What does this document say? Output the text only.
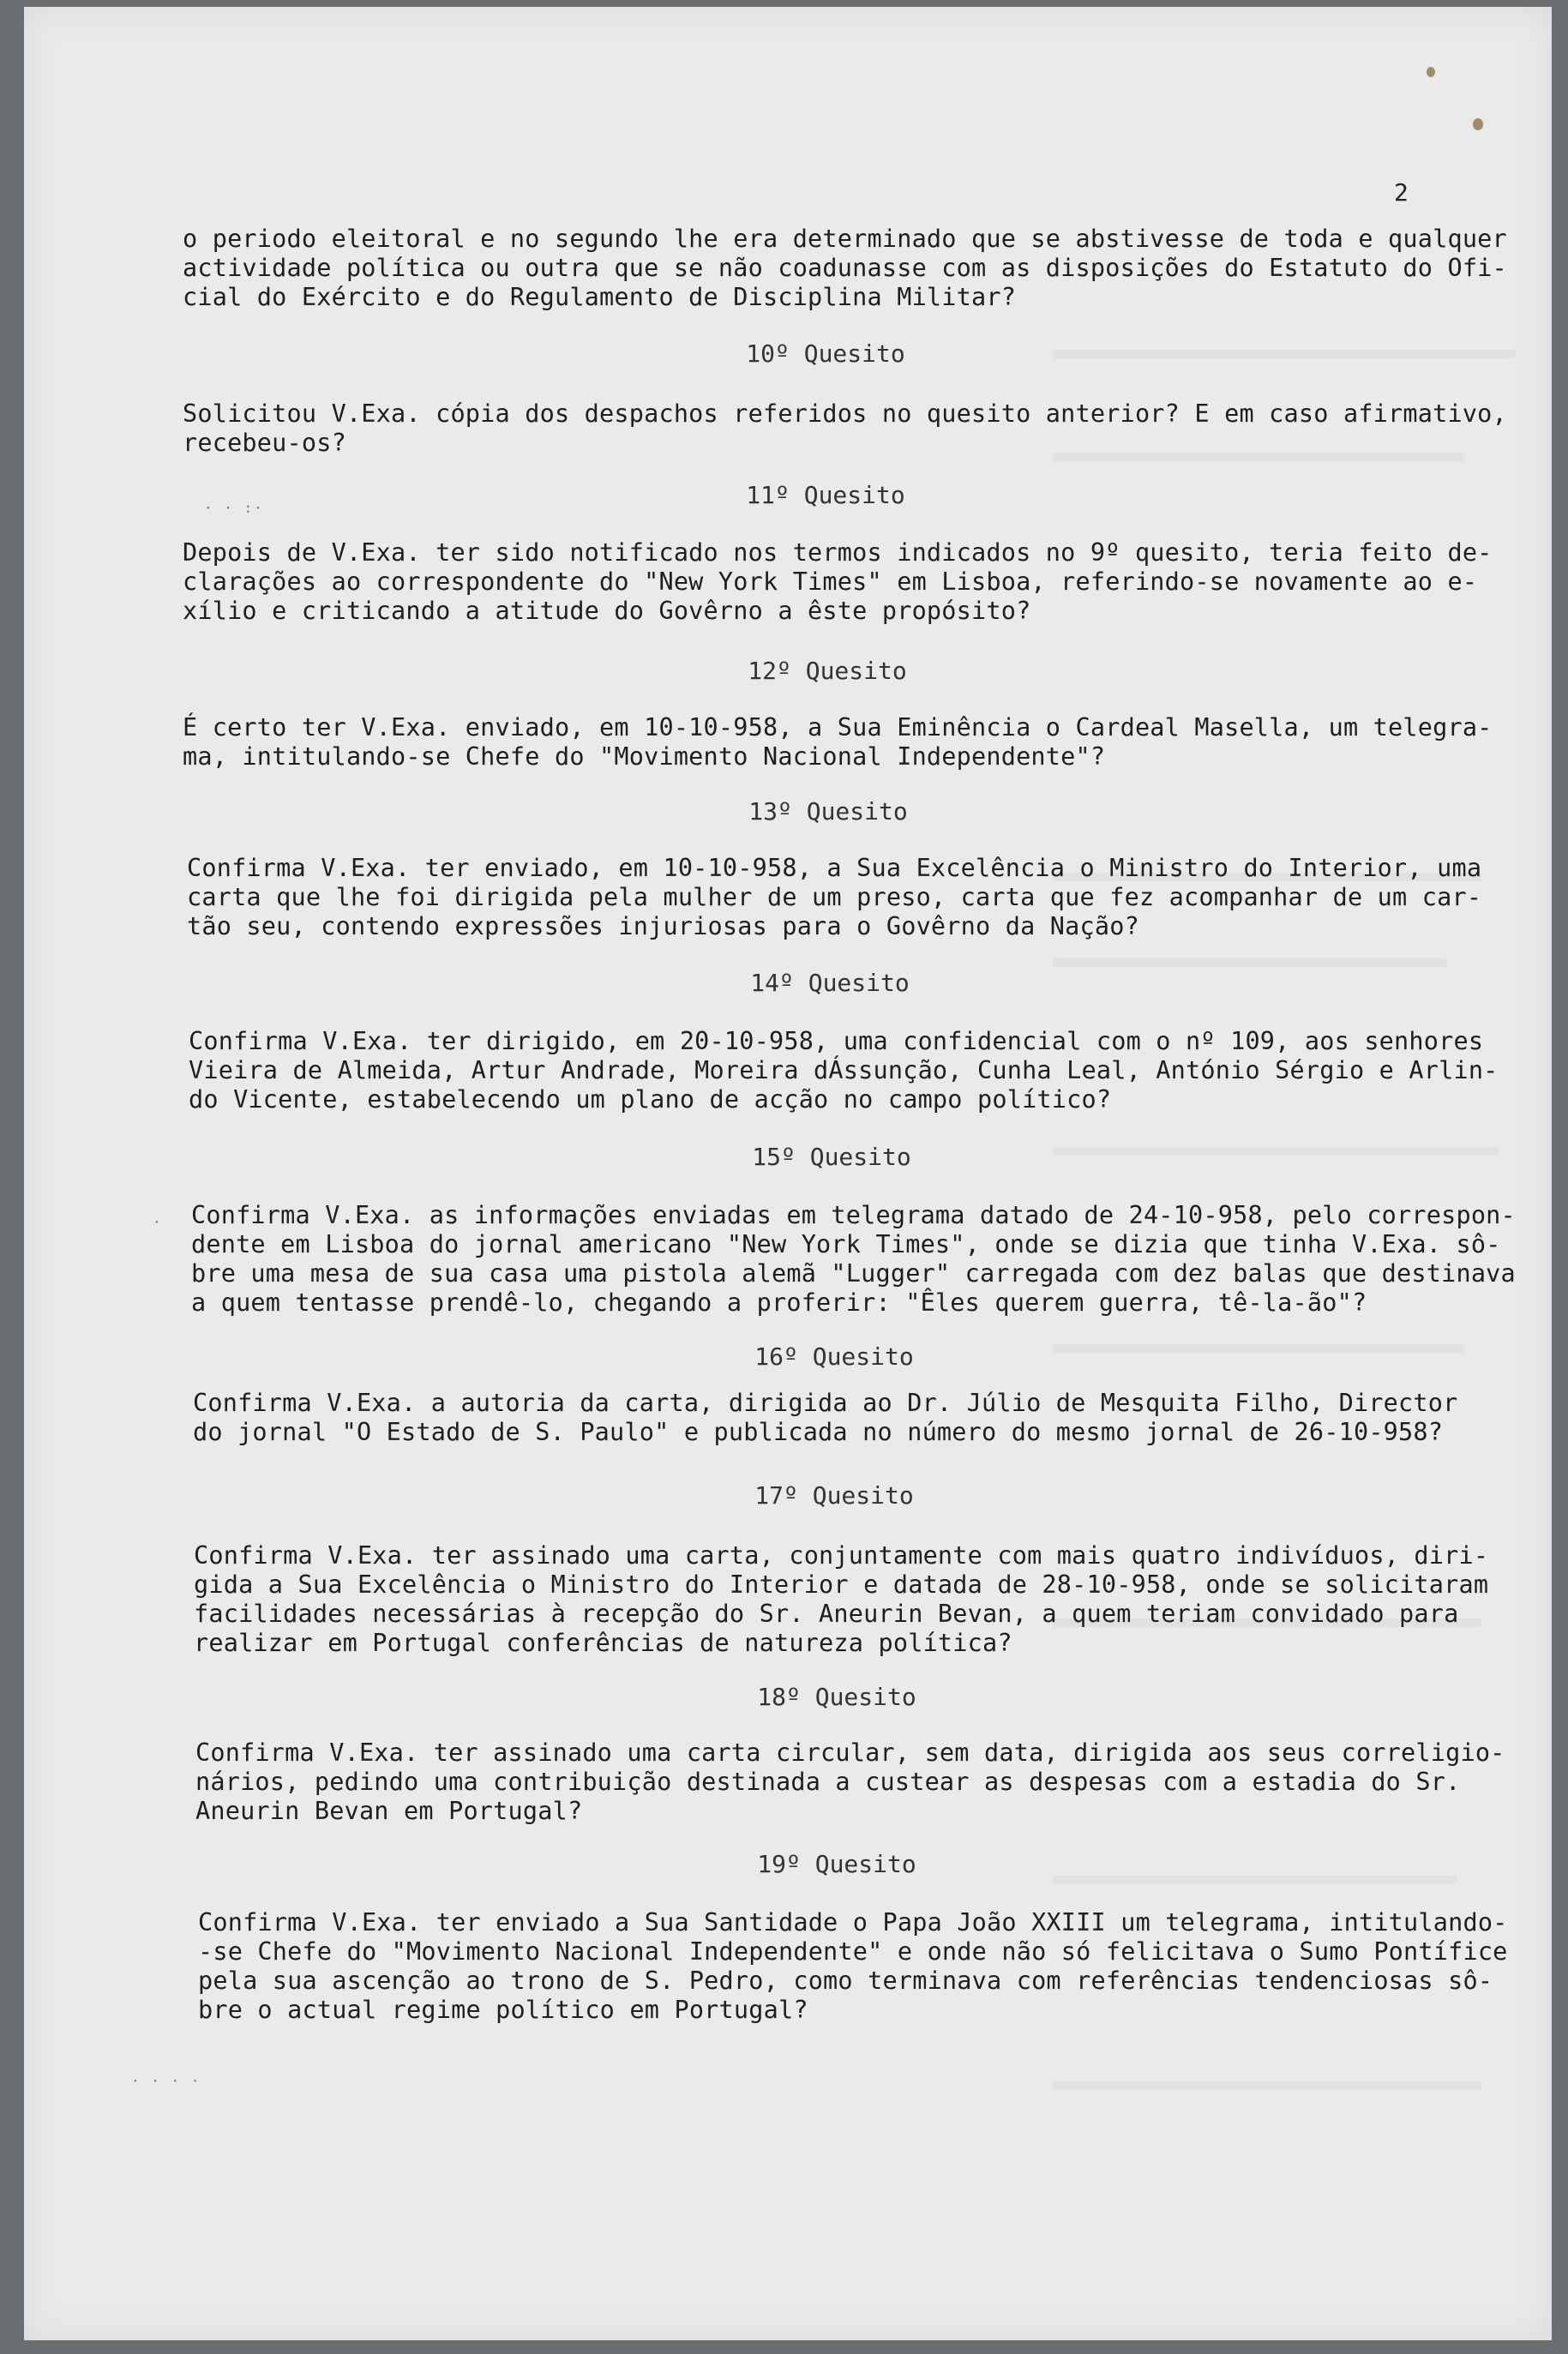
· · :·
·
· · · ·
2
o periodo eleitoral e no segundo lhe era determinado que se abstivesse de toda e qualquer
actividade política ou outra que se não coadunasse com as disposições do Estatuto do Ofi-
cial do Exército e do Regulamento de Disciplina Militar?
10º Quesito
Solicitou V.Exa. cópia dos despachos referidos no quesito anterior? E em caso afirmativo,
recebeu-os?
11º Quesito
Depois de V.Exa. ter sido notificado nos termos indicados no 9º quesito, teria feito de-
clarações ao correspondente do "New York Times" em Lisboa, referindo-se novamente ao e-
xílio e criticando a atitude do Govêrno a êste propósito?
12º Quesito
É certo ter V.Exa. enviado, em 10-10-958, a Sua Eminência o Cardeal Masella, um telegra-
ma, intitulando-se Chefe do "Movimento Nacional Independente"?
13º Quesito
Confirma V.Exa. ter enviado, em 10-10-958, a Sua Excelência o Ministro do Interior, uma
carta que lhe foi dirigida pela mulher de um preso, carta que fez acompanhar de um car-
tão seu, contendo expressões injuriosas para o Govêrno da Nação?
14º Quesito
Confirma V.Exa. ter dirigido, em 20-10-958, uma confidencial com o nº 109, aos senhores
Vieira de Almeida, Artur Andrade, Moreira dÁssunção, Cunha Leal, António Sérgio e Arlin-
do Vicente, estabelecendo um plano de acção no campo político?
15º Quesito
Confirma V.Exa. as informações enviadas em telegrama datado de 24-10-958, pelo correspon-
dente em Lisboa do jornal americano "New York Times", onde se dizia que tinha V.Exa. sô-
bre uma mesa de sua casa uma pistola alemã "Lugger" carregada com dez balas que destinava
a quem tentasse prendê-lo, chegando a proferir: "Êles querem guerra, tê-la-ão"?
16º Quesito
Confirma V.Exa. a autoria da carta, dirigida ao Dr. Júlio de Mesquita Filho, Director
do jornal "O Estado de S. Paulo" e publicada no número do mesmo jornal de 26-10-958?
17º Quesito
Confirma V.Exa. ter assinado uma carta, conjuntamente com mais quatro indivíduos, diri-
gida a Sua Excelência o Ministro do Interior e datada de 28-10-958, onde se solicitaram
facilidades necessárias à recepção do Sr. Aneurin Bevan, a quem teriam convidado para
realizar em Portugal conferências de natureza política?
18º Quesito
Confirma V.Exa. ter assinado uma carta circular, sem data, dirigida aos seus correligio-
nários, pedindo uma contribuição destinada a custear as despesas com a estadia do Sr.
Aneurin Bevan em Portugal?
19º Quesito
Confirma V.Exa. ter enviado a Sua Santidade o Papa João XXIII um telegrama, intitulando-
-se Chefe do "Movimento Nacional Independente" e onde não só felicitava o Sumo Pontífice
pela sua ascenção ao trono de S. Pedro, como terminava com referências tendenciosas sô-
bre o actual regime político em Portugal?
